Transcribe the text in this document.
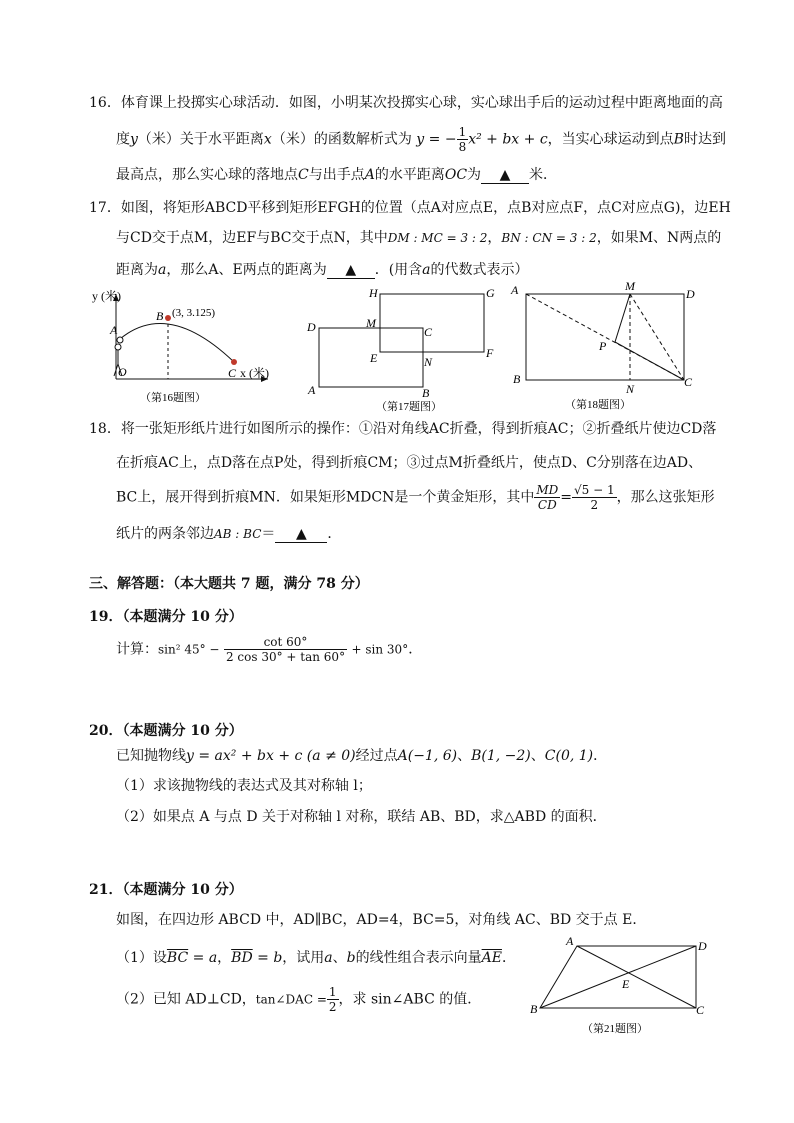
16．体育课上投掷实心球活动．如图，小明某次投掷实心球，实心球出手后的运动过程中距离地面的高
度y（米）关于水平距离x（米）的函数解析式为 y = − $\frac{1}{8} x^2$ + bx + c，当实心球运动到点B时达到
最高点，那么实心球的落地点C与出手点A的水平距离OC为 ▲ 米．
17．如图，将矩形ABCD平移到矩形EFGH的位置（点A对应点E，点B对应点F，点C对应点G)，边EH
与CD交于点M，边EF与BC交于点N，其中DM : MC = 3 : 2，BN : CN = 3 : 2，如果M、N两点的
距离为a，那么A、E两点的距离为 ▲ ．(用含a的代数式表示）
y (米)
A
B (3, 3.125)
O	C x (米)
（第16题图）
H	G
D	M
C
E	N
F
A	B
（第17题图）
A	M
D
P
B
N	C
（第18题图）
18．将一张矩形纸片进行如图所示的操作：①沿对角线AC折叠，得到折痕AC；②折叠纸片使边CD落
在折痕AC上，点D落在点P处，得到折痕CM；③过点M折叠纸片，使点D、C分别落在边AD、
BC上，展开得到折痕MN．如果矩形MDCN是一个黄金矩形，其中 $\frac{MD}{CD} = \frac{√5 - 1}{2}$ ，那么这张矩形
纸片的两条邻边AB : BC＝ ▲ ．
三、解答题：（本大题共 7 题，满分 78 分）
19．（本题满分 10 分）
计算：sin² $45^\circ - \frac{\cot 60^\circ}{2 \cos 30^\circ + \tan 60^\circ} + \sin 30^\circ$．
20．（本题满分 10 分）
已知抛物线y = ax² + bx + c (a ≠ 0)经过点A(−1, 6)、B(1, −2)、C(0, 1)．
（1）求该抛物线的表达式及其对称轴 l；
（2）如果点 A 与点 D 关于对称轴 l 对称，联结 AB、BD，求△ABD 的面积．
21．（本题满分 10 分）
如图，在四边形 ABCD 中，AD∥BC，AD=4，BC=5，对角线 AC、BD 交于点 E．
（1）设$\overline{BC} = a$，$\overline{BD} = b$，试用a、b的线性组合表示向量$\overline{AE}$．
（2）已知 AD⊥CD，tan∠DAC = $\frac{1}{2}$ ，求 sin∠ABC 的值．
A	D
E
B	C
（第21题图）
